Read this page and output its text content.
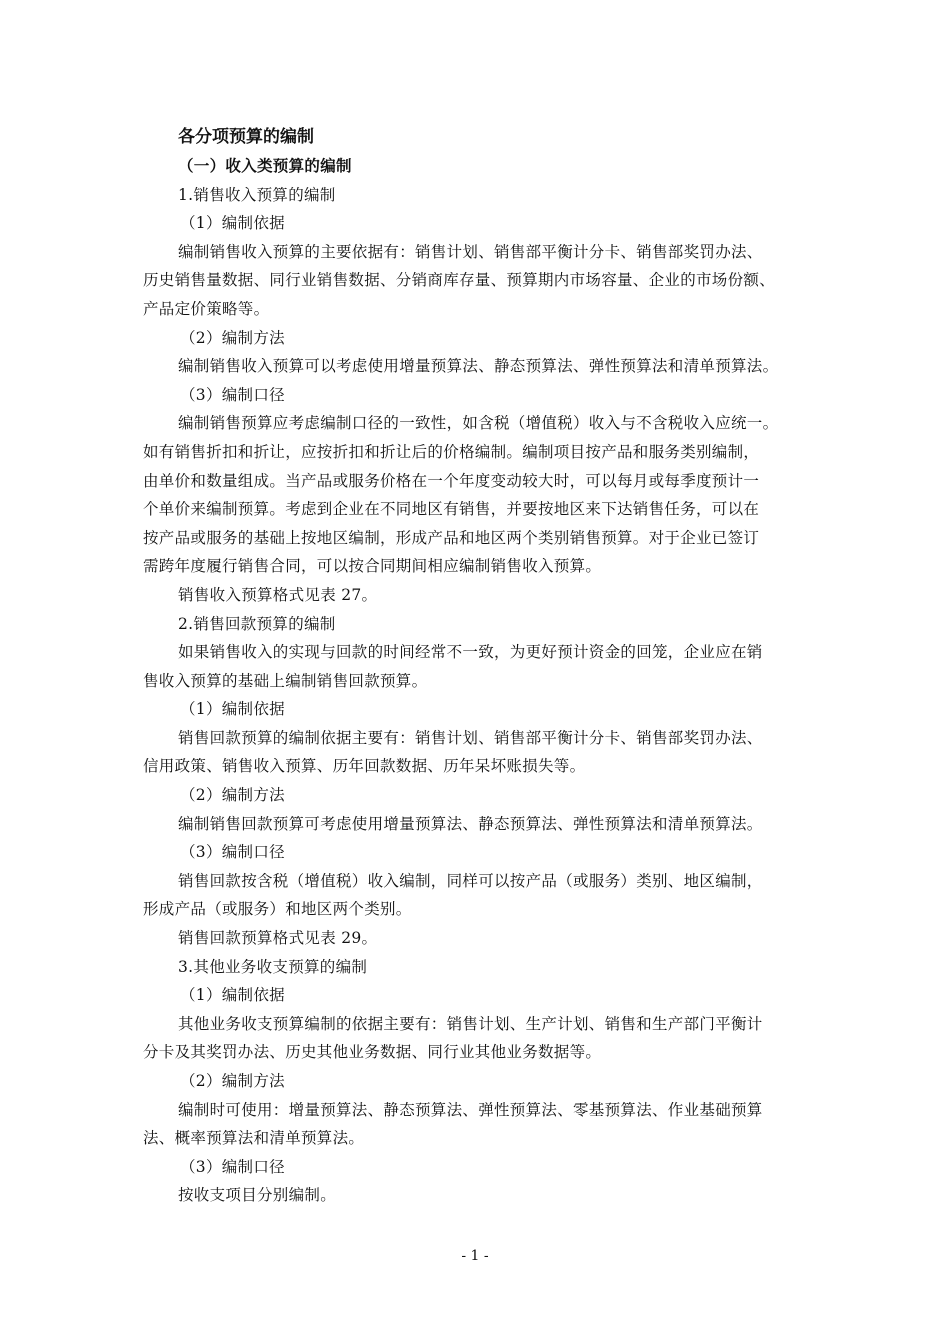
各分项预算的编制
（一）收入类预算的编制
1.销售收入预算的编制
（1）编制依据
编制销售收入预算的主要依据有：销售计划、销售部平衡计分卡、销售部奖罚办法、
历史销售量数据、同行业销售数据、分销商库存量、预算期内市场容量、企业的市场份额、
产品定价策略等。
（2）编制方法
编制销售收入预算可以考虑使用增量预算法、静态预算法、弹性预算法和清单预算法。
（3）编制口径
编制销售预算应考虑编制口径的一致性，如含税（增值税）收入与不含税收入应统一。
如有销售折扣和折让，应按折扣和折让后的价格编制。编制项目按产品和服务类别编制，
由单价和数量组成。当产品或服务价格在一个年度变动较大时，可以每月或每季度预计一
个单价来编制预算。考虑到企业在不同地区有销售，并要按地区来下达销售任务，可以在
按产品或服务的基础上按地区编制，形成产品和地区两个类别销售预算。对于企业已签订
需跨年度履行销售合同，可以按合同期间相应编制销售收入预算。
销售收入预算格式见表 27。
2.销售回款预算的编制
如果销售收入的实现与回款的时间经常不一致，为更好预计资金的回笼，企业应在销
售收入预算的基础上编制销售回款预算。
（1）编制依据
销售回款预算的编制依据主要有：销售计划、销售部平衡计分卡、销售部奖罚办法、
信用政策、销售收入预算、历年回款数据、历年呆坏账损失等。
（2）编制方法
编制销售回款预算可考虑使用增量预算法、静态预算法、弹性预算法和清单预算法。
（3）编制口径
销售回款按含税（增值税）收入编制，同样可以按产品（或服务）类别、地区编制，
形成产品（或服务）和地区两个类别。
销售回款预算格式见表 29。
3.其他业务收支预算的编制
（1）编制依据
其他业务收支预算编制的依据主要有：销售计划、生产计划、销售和生产部门平衡计
分卡及其奖罚办法、历史其他业务数据、同行业其他业务数据等。
（2）编制方法
编制时可使用：增量预算法、静态预算法、弹性预算法、零基预算法、作业基础预算
法、概率预算法和清单预算法。
（3）编制口径
按收支项目分别编制。
- 1 -
